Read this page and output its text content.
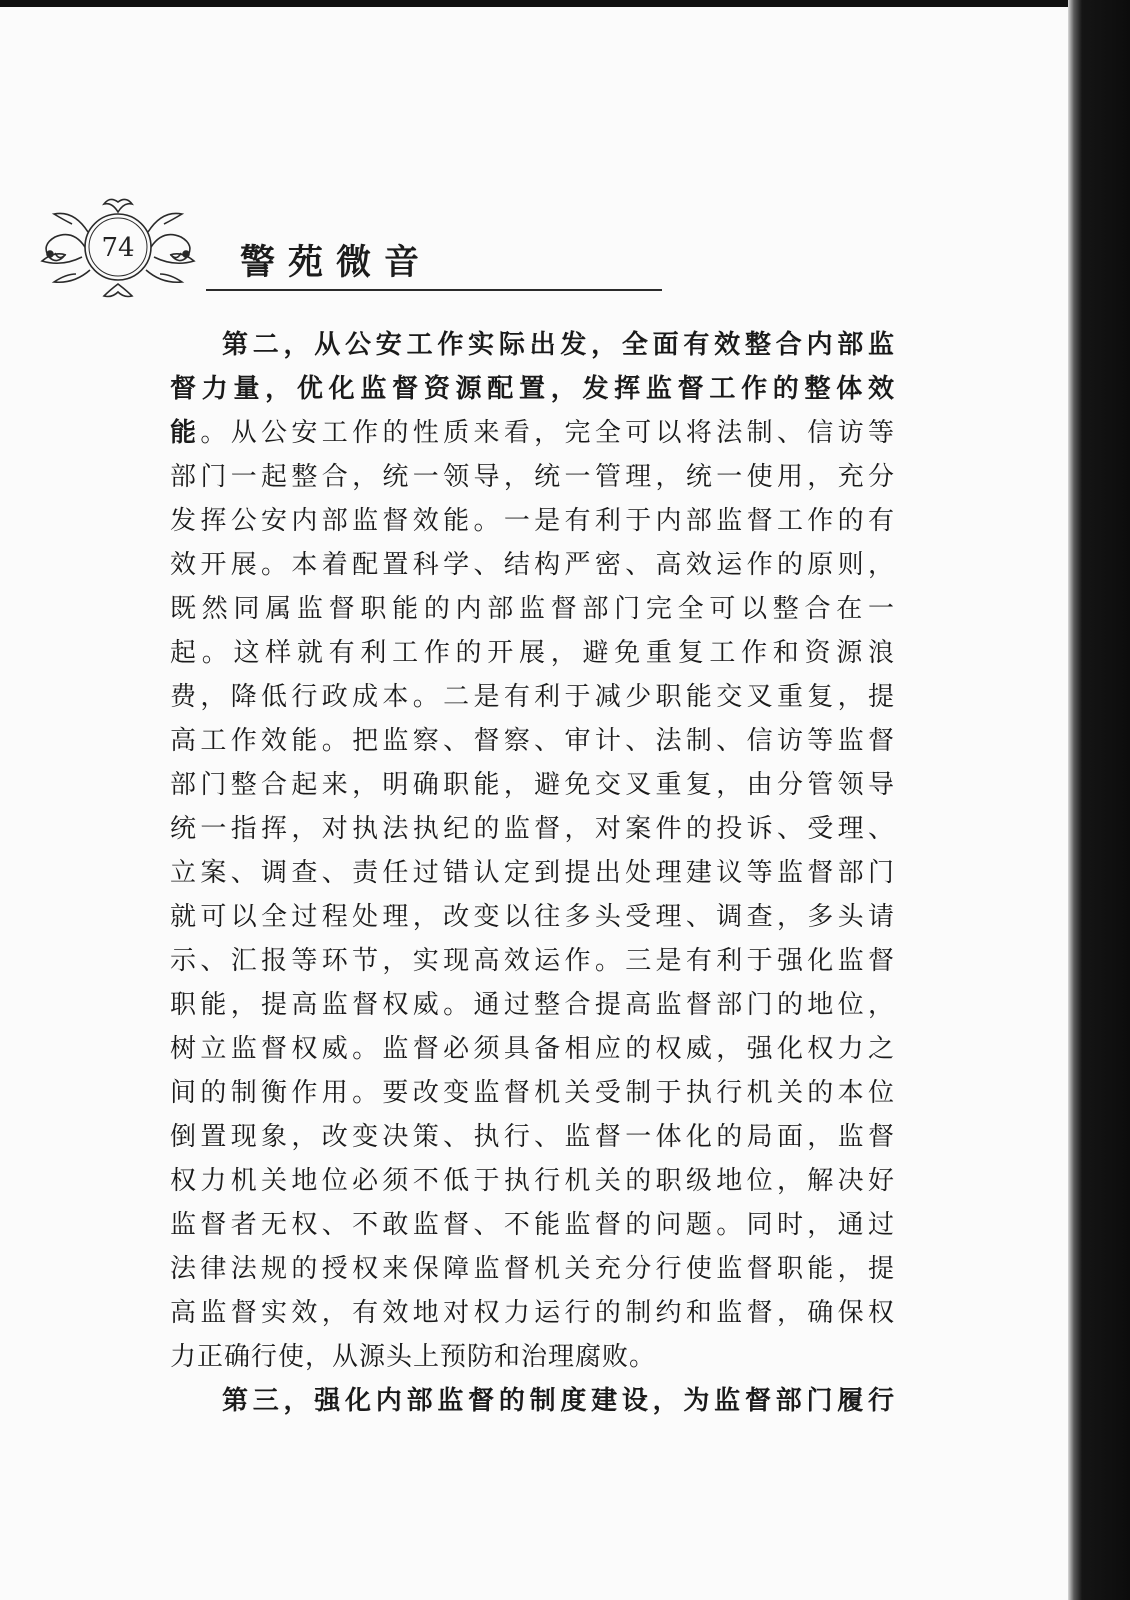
74	警苑微音
第二，从公安工作实际出发，全面有效整合内部监
督力量，优化监督资源配置，发挥监督工作的整体效
能。从公安工作的性质来看，完全可以将法制、信访等
部门一起整合，统一领导，统一管理，统一使用，充分
发挥公安内部监督效能。一是有利于内部监督工作的有
效开展。本着配置科学、结构严密、高效运作的原则，
既然同属监督职能的内部监督部门完全可以整合在一
起。这样就有利工作的开展，避免重复工作和资源浪
费，降低行政成本。二是有利于减少职能交叉重复，提
高工作效能。把监察、督察、审计、法制、信访等监督
部门整合起来，明确职能，避免交叉重复，由分管领导
统一指挥，对执法执纪的监督，对案件的投诉、受理、
立案、调查、责任过错认定到提出处理建议等监督部门
就可以全过程处理，改变以往多头受理、调查，多头请
示、汇报等环节，实现高效运作。三是有利于强化监督
职能，提高监督权威。通过整合提高监督部门的地位，
树立监督权威。监督必须具备相应的权威，强化权力之
间的制衡作用。要改变监督机关受制于执行机关的本位
倒置现象，改变决策、执行、监督一体化的局面，监督
权力机关地位必须不低于执行机关的职级地位，解决好
监督者无权、不敢监督、不能监督的问题。同时，通过
法律法规的授权来保障监督机关充分行使监督职能，提
高监督实效，有效地对权力运行的制约和监督，确保权
力正确行使，从源头上预防和治理腐败。
第三，强化内部监督的制度建设，为监督部门履行
